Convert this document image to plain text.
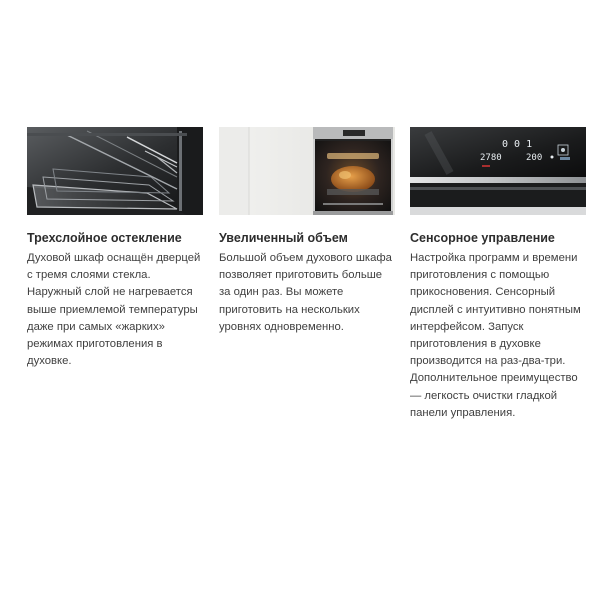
Трехслойное остекление
Духовой шкаф оснащён дверцей с тремя слоями стекла. Наружный слой не нагревается выше приемлемой температуры даже при самых «жарких» режимах приготовления в духовке.
Увеличенный объем
Большой объем духового шкафа позволяет приготовить больше за один раз. Вы можете приготовить на нескольких уровнях одновременно.
0 0 1
2780	200
Сенсорное управление
Настройка программ и времени приготовления с помощью прикосновения. Сенсорный дисплей с интуитивно понятным интерфейсом. Запуск приготовления в духовке производится на раз-два-три. Дополнительное преимущество — легкость очистки гладкой панели управления.
